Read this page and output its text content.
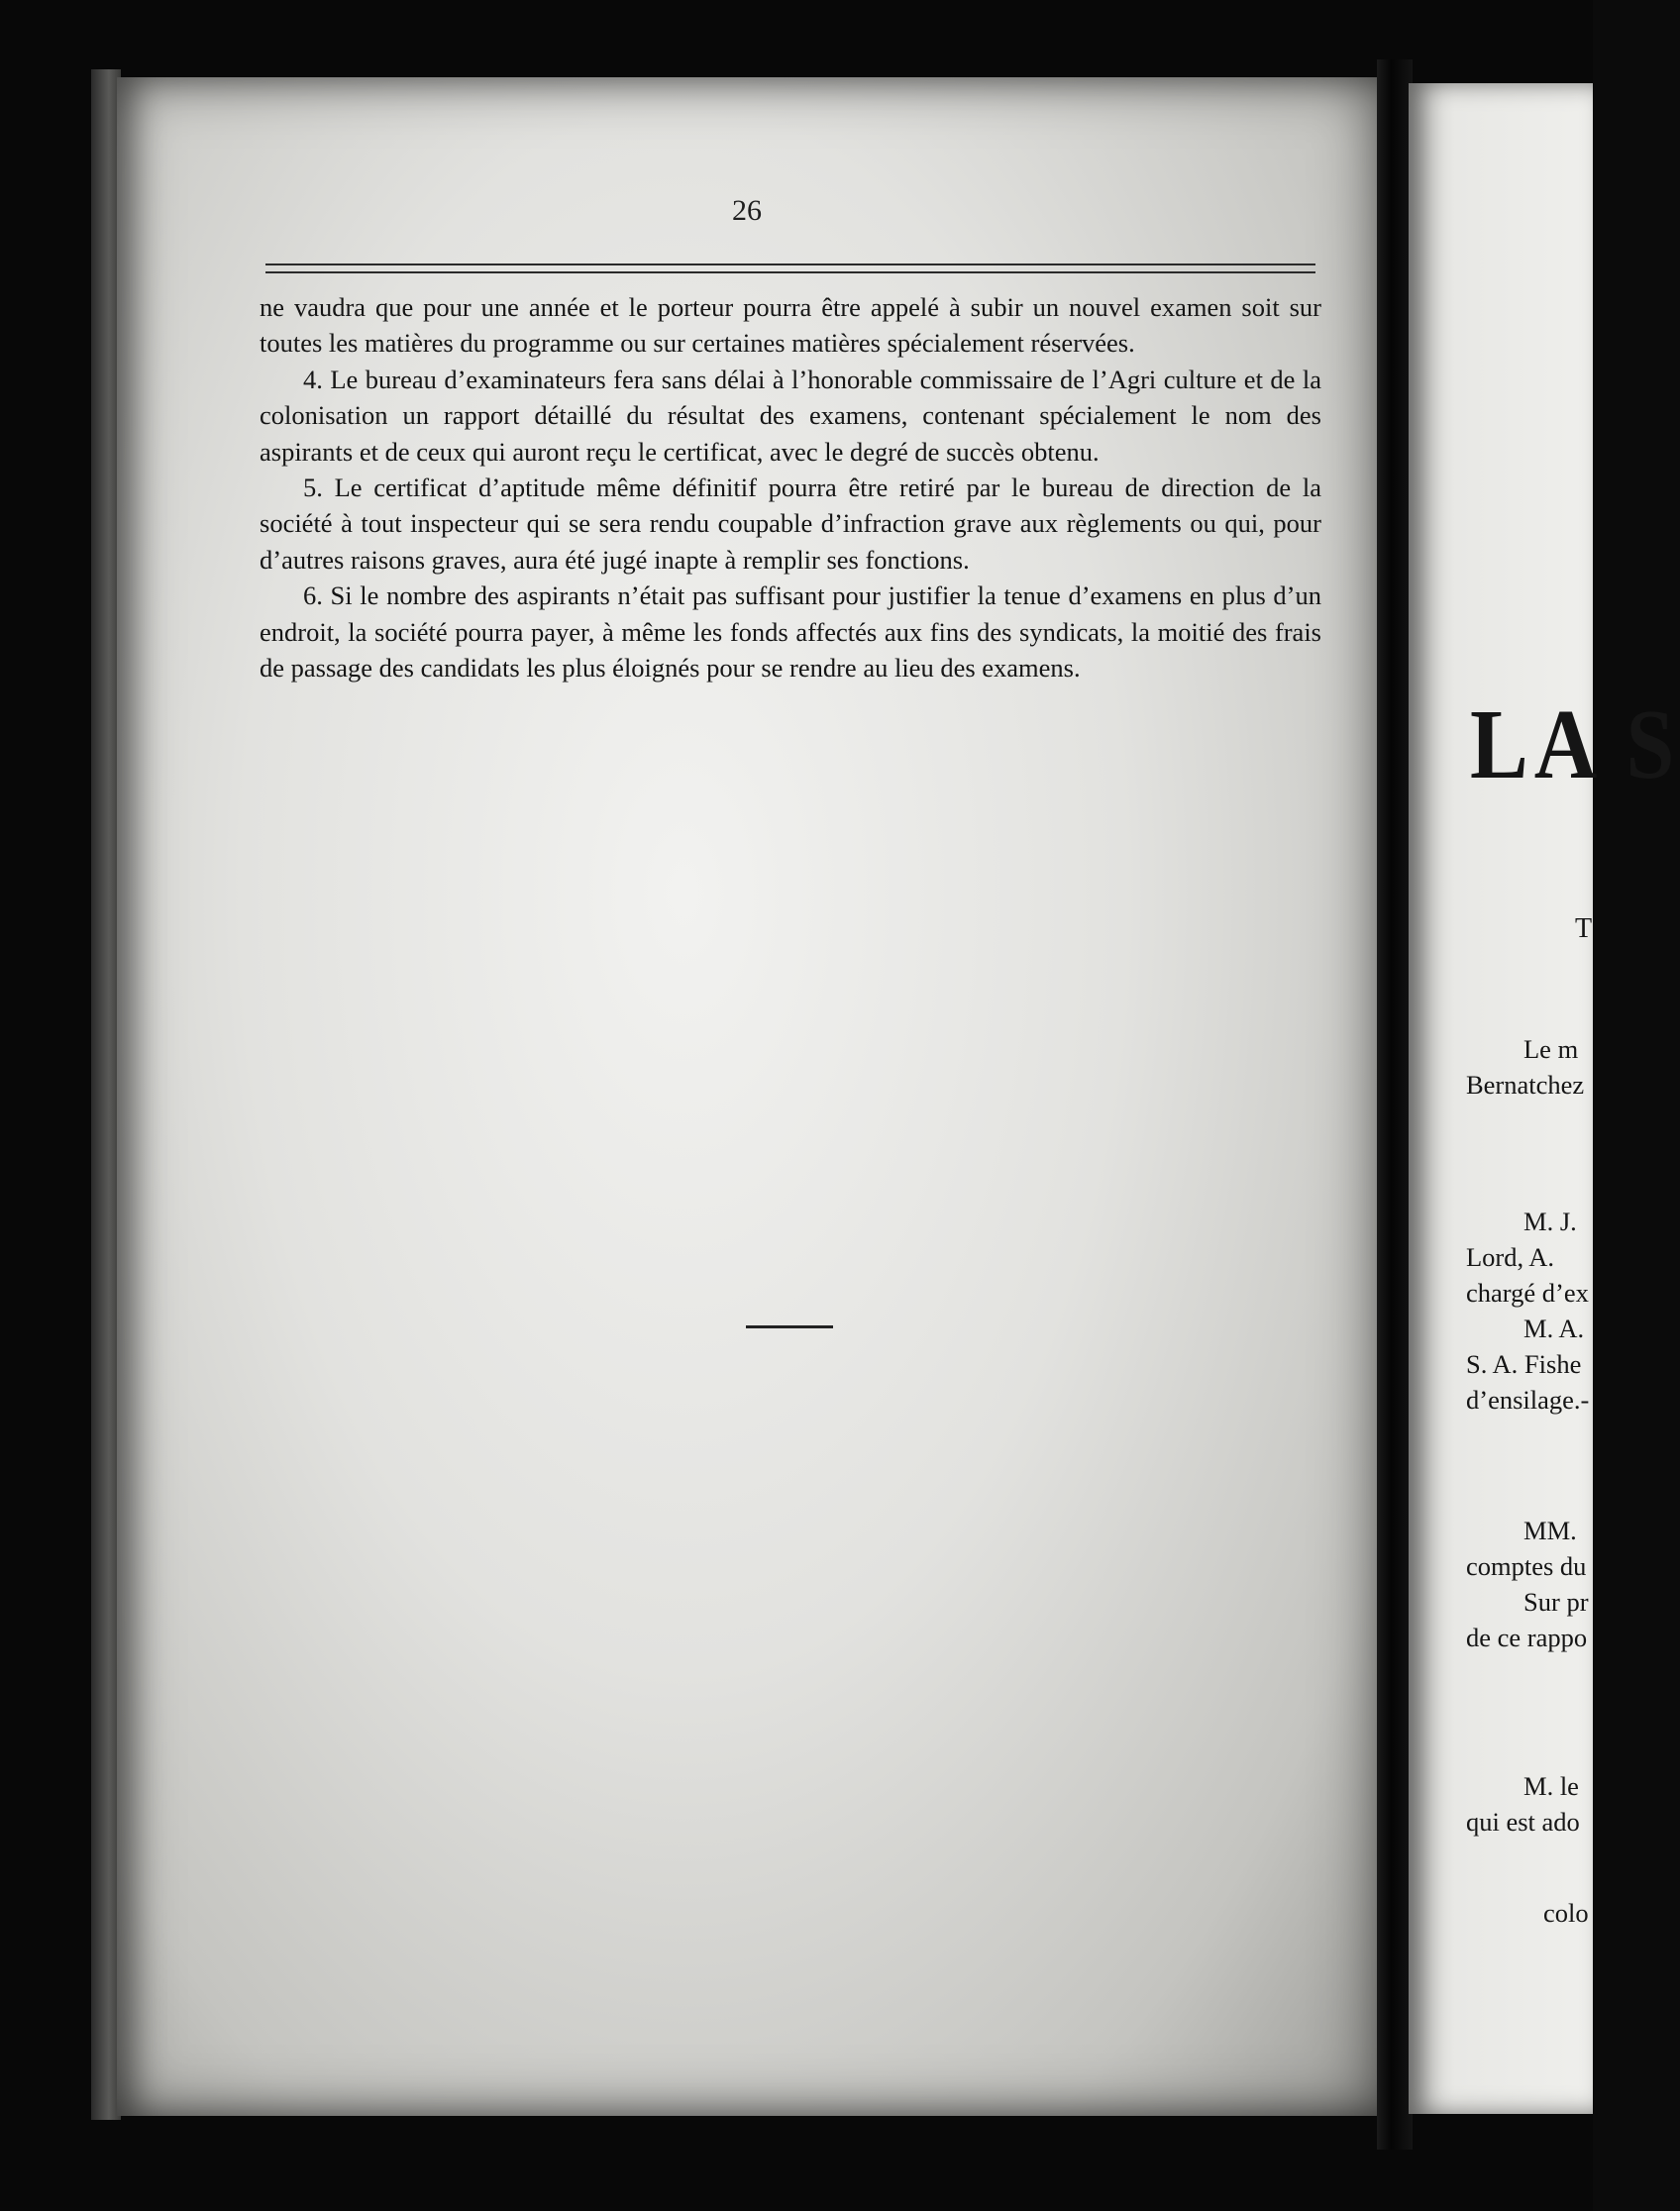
26

ne vaudra que pour une année et le porteur pourra être appelé à subir un nouvel examen soit sur toutes les matières du programme ou sur certaines matières spécialement réservées.

4. Le bureau d’examinateurs fera sans délai à l’honorable commissaire de l’Agri culture et de la colonisation un rapport détaillé du résultat des examens, contenant spécialement le nom des aspirants et de ceux qui auront reçu le certificat, avec le degré de succès obtenu.

5. Le certificat d’aptitude même définitif pourra être retiré par le bureau de direction de la société à tout inspecteur qui se sera rendu coupable d’infraction grave aux règlements ou qui, pour d’autres raisons graves, aura été jugé inapte à remplir ses fonctions.

6. Si le nombre des aspirants n’était pas suffisant pour justifier la tenue d’examens en plus d’un endroit, la société pourra payer, à même les fonds affectés aux fins des syndicats, la moitié des frais de passage des candidats les plus éloignés pour se rendre au lieu des examens.

LA S
T
Le m
Bernatchez
M. J.
Lord, A.
chargé d’ex
M. A.
S. A. Fishe
d’ensilage.-
MM.
comptes du
Sur pr
de ce rappo
M. le
qui est ado
colo
